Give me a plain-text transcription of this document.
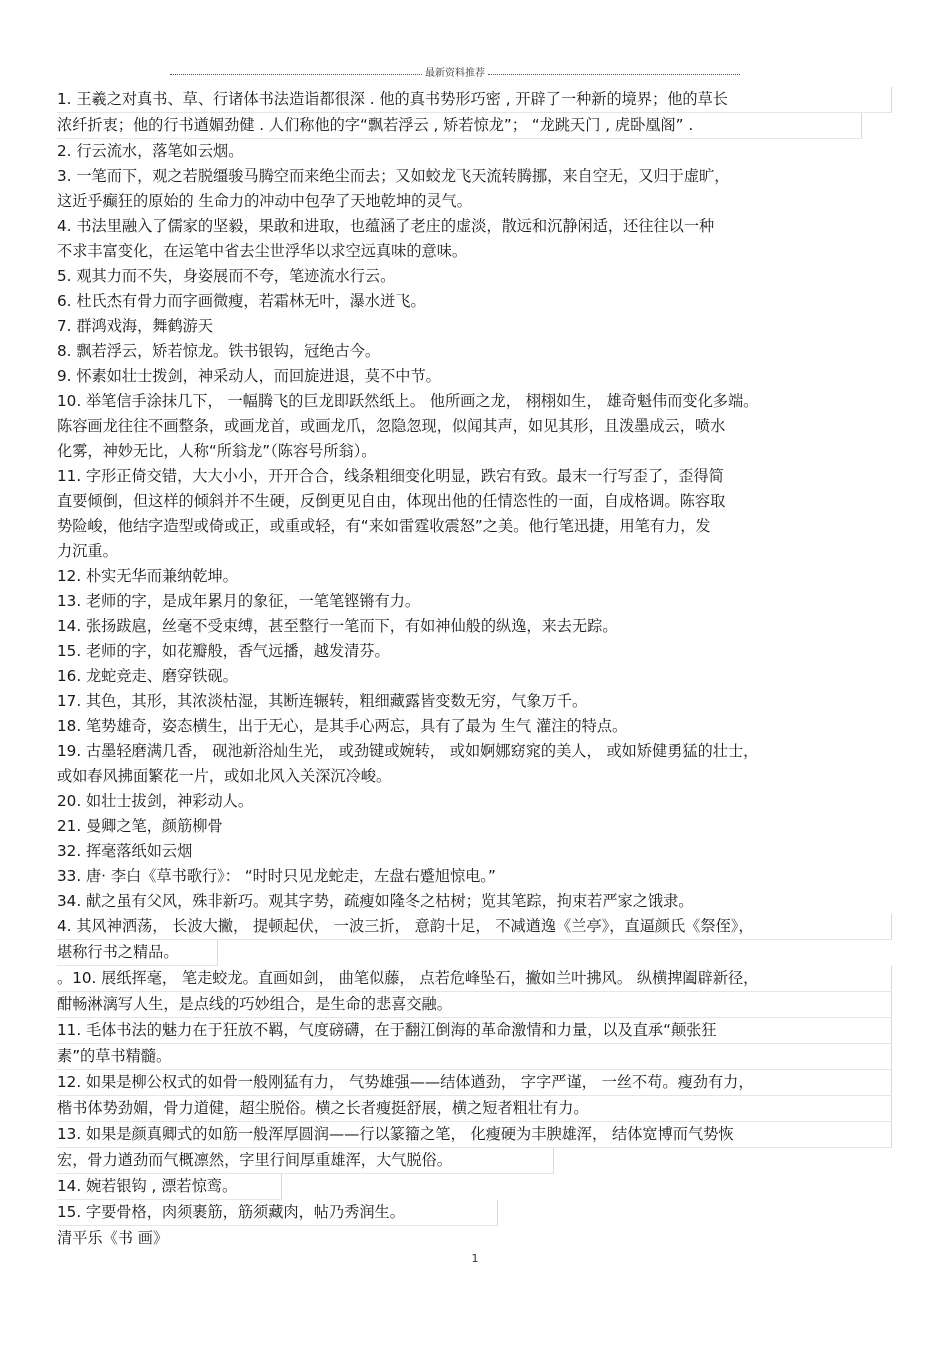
最新资料推荐
1. 王羲之对真书、草、行诸体书法造诣都很深 . 他的真书势形巧密 , 开辟了一种新的境界；他的草长
浓纤折衷；他的行书遒媚劲健 . 人们称他的字“飘若浮云 , 矫若惊龙”； “龙跳天门 , 虎卧凰阁” .
2. 行云流水，落笔如云烟。
3. 一笔而下，观之若脱缰骏马腾空而来绝尘而去；又如蛟龙飞天流转腾挪，来自空无，又归于虚旷，
这近乎癫狂的原始的 生命力的冲动中包孕了天地乾坤的灵气。
4. 书法里融入了儒家的坚毅，果敢和进取，也蕴涵了老庄的虚淡，散远和沉静闲适，还往往以一种
不求丰富变化，在运笔中省去尘世浮华以求空远真味的意味。
5. 观其力而不失，身姿展而不夸，笔迹流水行云。
6. 杜氏杰有骨力而字画微瘦，若霜林无叶，瀑水迸飞。
7. 群鸿戏海，舞鹤游天
8. 飘若浮云，矫若惊龙。铁书银钩，冠绝古今。
9. 怀素如壮士拨剑，神采动人，而回旋进退，莫不中节。
10. 举笔信手涂抹几下， 一幅腾飞的巨龙即跃然纸上。 他所画之龙， 栩栩如生， 雄奇魁伟而变化多端。
陈容画龙往往不画整条，或画龙首，或画龙爪，忽隐忽现，似闻其声，如见其形，且泼墨成云，喷水
化雾，神妙无比，人称“所翁龙”（陈容号所翁）。
11. 字形正倚交错，大大小小，开开合合，线条粗细变化明显，跌宕有致。最末一行写歪了，歪得简
直要倾倒，但这样的倾斜并不生硬，反倒更见自由，体现出他的任情恣性的一面，自成格调。陈容取
势险峻，他结字造型或倚或正，或重或轻，有“来如雷霆收震怒”之美。他行笔迅捷，用笔有力，发
力沉重。
12. 朴实无华而兼纳乾坤。
13. 老师的字，是成年累月的象征，一笔笔铿锵有力。
14. 张扬跋扈，丝毫不受束缚，甚至整行一笔而下，有如神仙般的纵逸，来去无踪。
15. 老师的字，如花瓣般，香气远播，越发清芬。
16. 龙蛇竞走、磨穿铁砚。
17. 其色，其形，其浓淡枯湿，其断连辗转，粗细藏露皆变数无穷，气象万千。
18. 笔势雄奇，姿态横生，出于无心，是其手心两忘，具有了最为 生气 灌注的特点。
19. 古墨轻磨满几香， 砚池新浴灿生光， 或劲键或婉转， 或如婀娜窈窕的美人， 或如矫健勇猛的壮士，
或如春风拂面繁花一片，或如北风入关深沉冷峻。
20. 如壮士拔剑，神彩动人。
21. 曼卿之笔，颜筋柳骨
32. 挥毫落纸如云烟
33. 唐· 李白《草书歌行》： “时时只见龙蛇走，左盘右蹙旭惊电。”
34. 献之虽有父风，殊非新巧。观其字势，疏瘦如隆冬之枯树；览其笔踪，拘束若严家之饿隶。
4. 其风神洒荡， 长波大撇， 提顿起伏， 一波三折， 意韵十足， 不减遒逸《兰亭》，直逼颜氏《祭侄》，
堪称行书之精品。
。10. 展纸挥毫， 笔走蛟龙。直画如剑， 曲笔似藤， 点若危峰坠石，撇如兰叶拂风。 纵横捭阖辟新径，
酣畅淋漓写人生，是点线的巧妙组合，是生命的悲喜交融。
11. 毛体书法的魅力在于狂放不羁，气度磅礴，在于翻江倒海的革命激情和力量，以及直承“颠张狂
素”的草书精髓。
12. 如果是柳公权式的如骨一般刚猛有力， 气势雄强——结体遒劲， 字字严谨， 一丝不苟。瘦劲有力，
楷书体势劲媚，骨力道健，超尘脱俗。横之长者瘦挺舒展，横之短者粗壮有力。
13. 如果是颜真卿式的如筋一般浑厚圆润——行以篆籀之笔， 化瘦硬为丰腴雄浑， 结体宽博而气势恢
宏，骨力遒劲而气概凛然，字里行间厚重雄浑，大气脱俗。
14. 婉若银钩 , 漂若惊鸾。
15. 字要骨格，肉须裹筋，筋须藏肉，帖乃秀润生。
清平乐《书 画》
1
